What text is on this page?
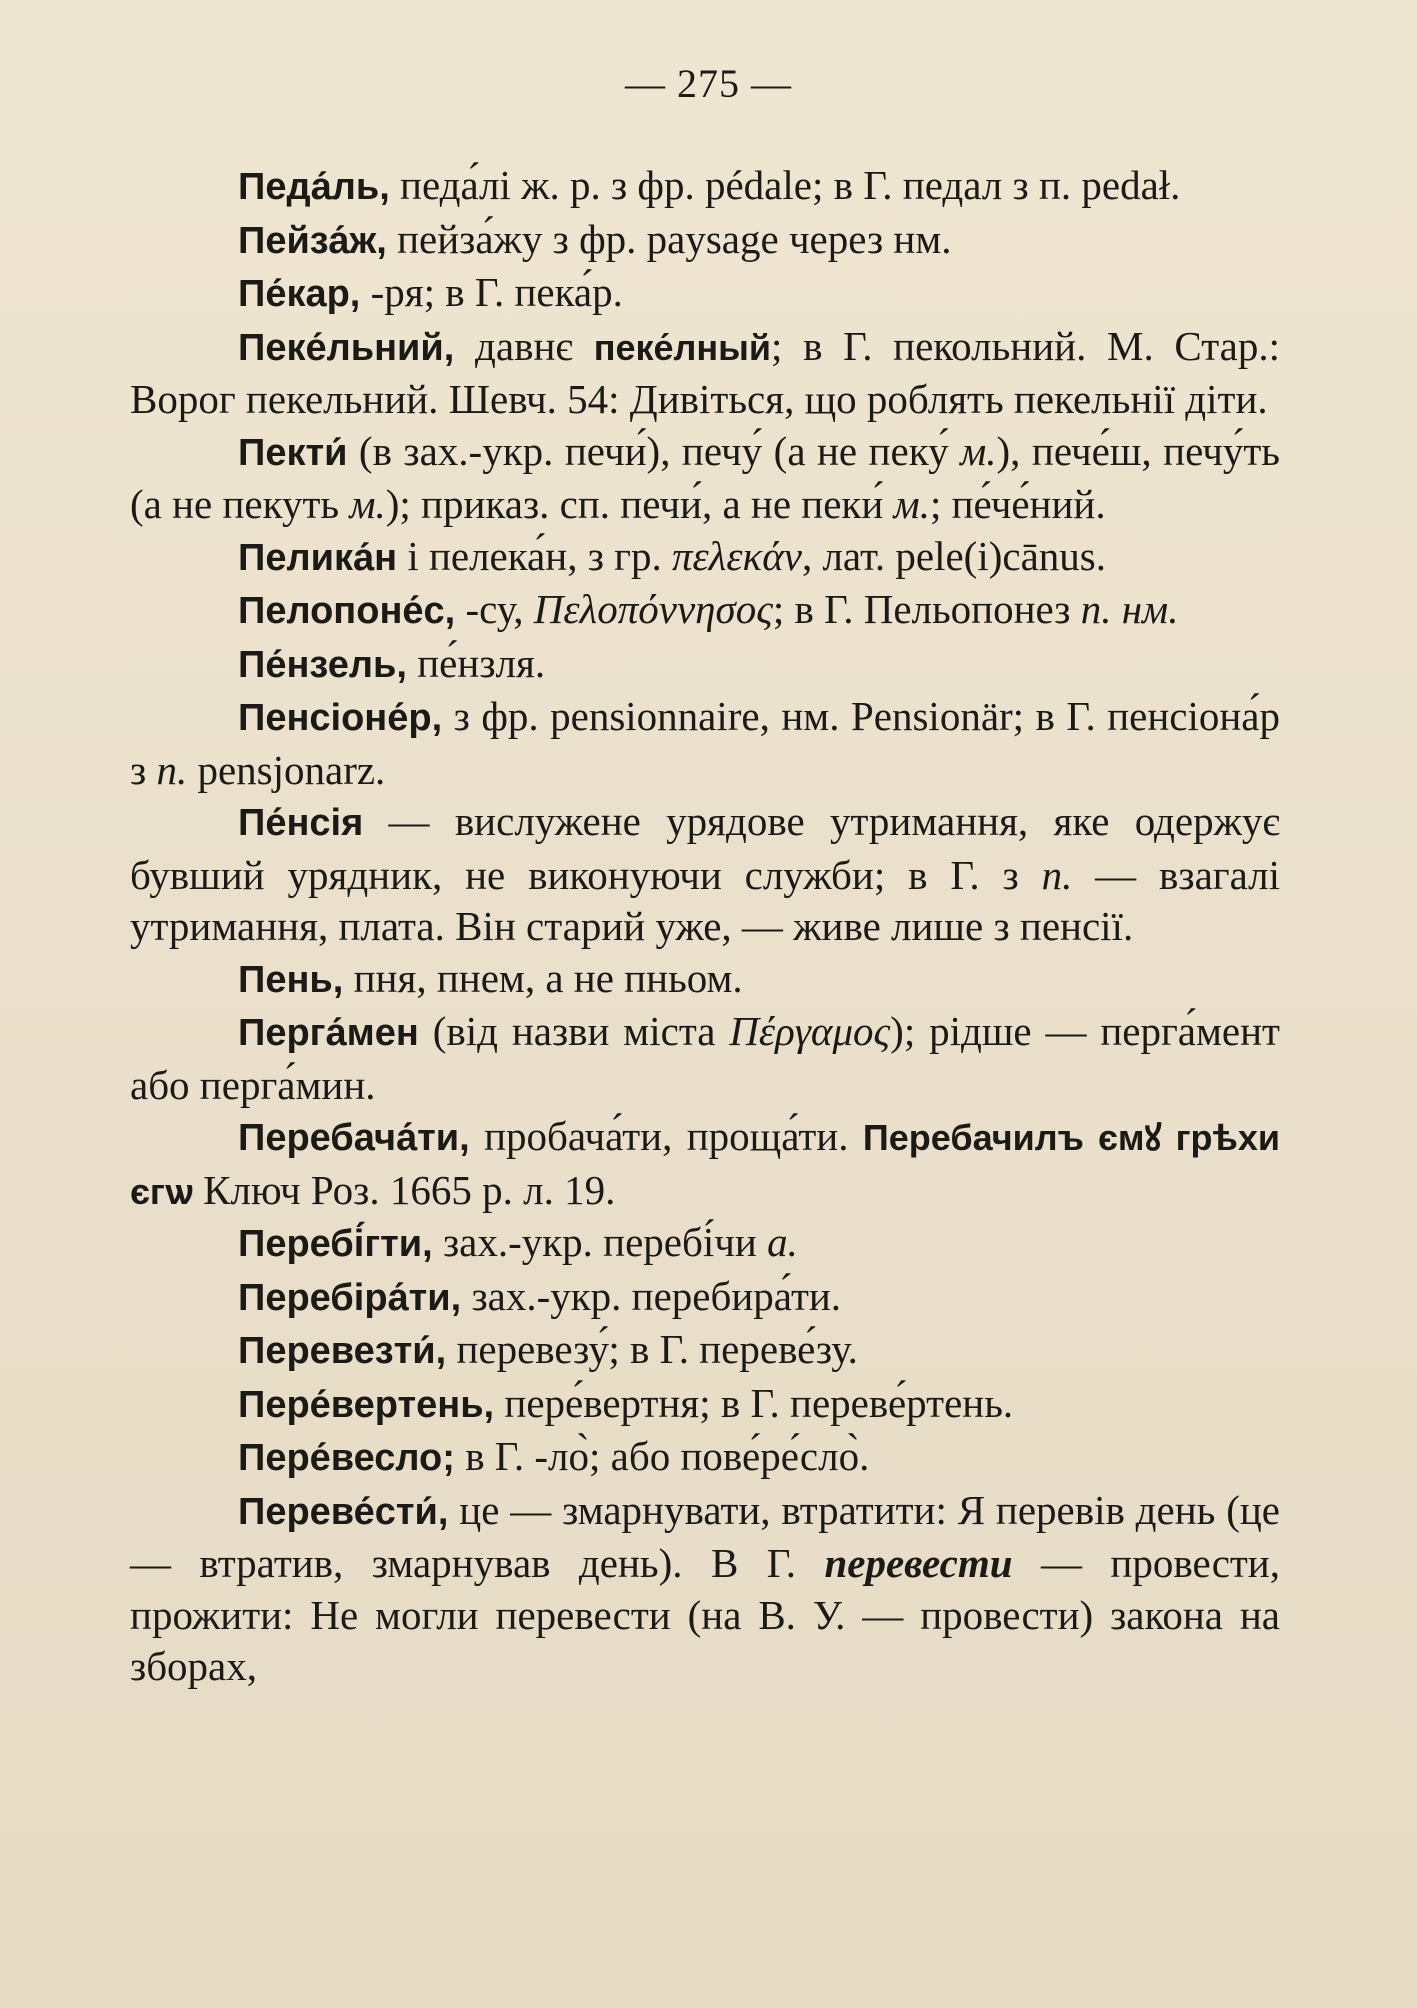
— 275 —

Педа́ль, педа́лі ж. р. з фр. pédale; в Г. педал з п. pedał.

Пейза́ж, пейза́жу з фр. paysage через нм.

Пе́кар, -ря; в Г. пека́р.

Пеке́льний, давнє пеке́лный; в Г. пекольний. М. Стар.: Ворог пекельний. Шевч. 54: Дивіться, що роблять пекельнії діти.

Пекти́ (в зах.-укр. печи́), печу́ (а не пеку́ м.), пече́ш, печу́ть (а не пекуть м.); приказ. сп. печи́, а не пеки́ м.; пе́че́ний.

Пелика́н і пелека́н, з гр. πελεκάν, лат. pele(i)cānus.

Пелопоне́с, -су, Πελοπόννησος; в Г. Пельопонез п. нм.

Пе́нзель, пе́нзля.

Пенсіоне́р, з фр. pensionnaire, нм. Pensionär; в Г. пенсіона́р з п. pensjonarz.

Пе́нсія — вислужене урядове утримання, яке одержує бувший урядник, не виконуючи служби; в Г. з п. — взагалі утримання, плата. Він старий уже, — живе лише з пенсії.

Пень, пня, пнем, а не пньом.

Перга́мен (від назви міста Πέργαμος); рідше — перга́мент або перга́мин.

Перебача́ти, пробача́ти, проща́ти. Перебачилъ ємꙋ грѣхи єгѡ Ключ Роз. 1665 р. л. 19.

Перебі́гти, зах.-укр. перебі́чи а.

Перебіра́ти, зах.-укр. перебира́ти.

Перевезти́, перевезу́; в Г. переве́зу.

Пере́вертень, пере́вертня; в Г. переве́ртень.

Пере́весло; в Г. -ло̀; або пове́ре́сло̀.

Переве́сти́, це — змарнувати, втратити: Я перевів день (це — втратив, змарнував день). В Г. перевести — провести, прожити: Не могли перевести (на В. У. — провести) закона на зборах,
